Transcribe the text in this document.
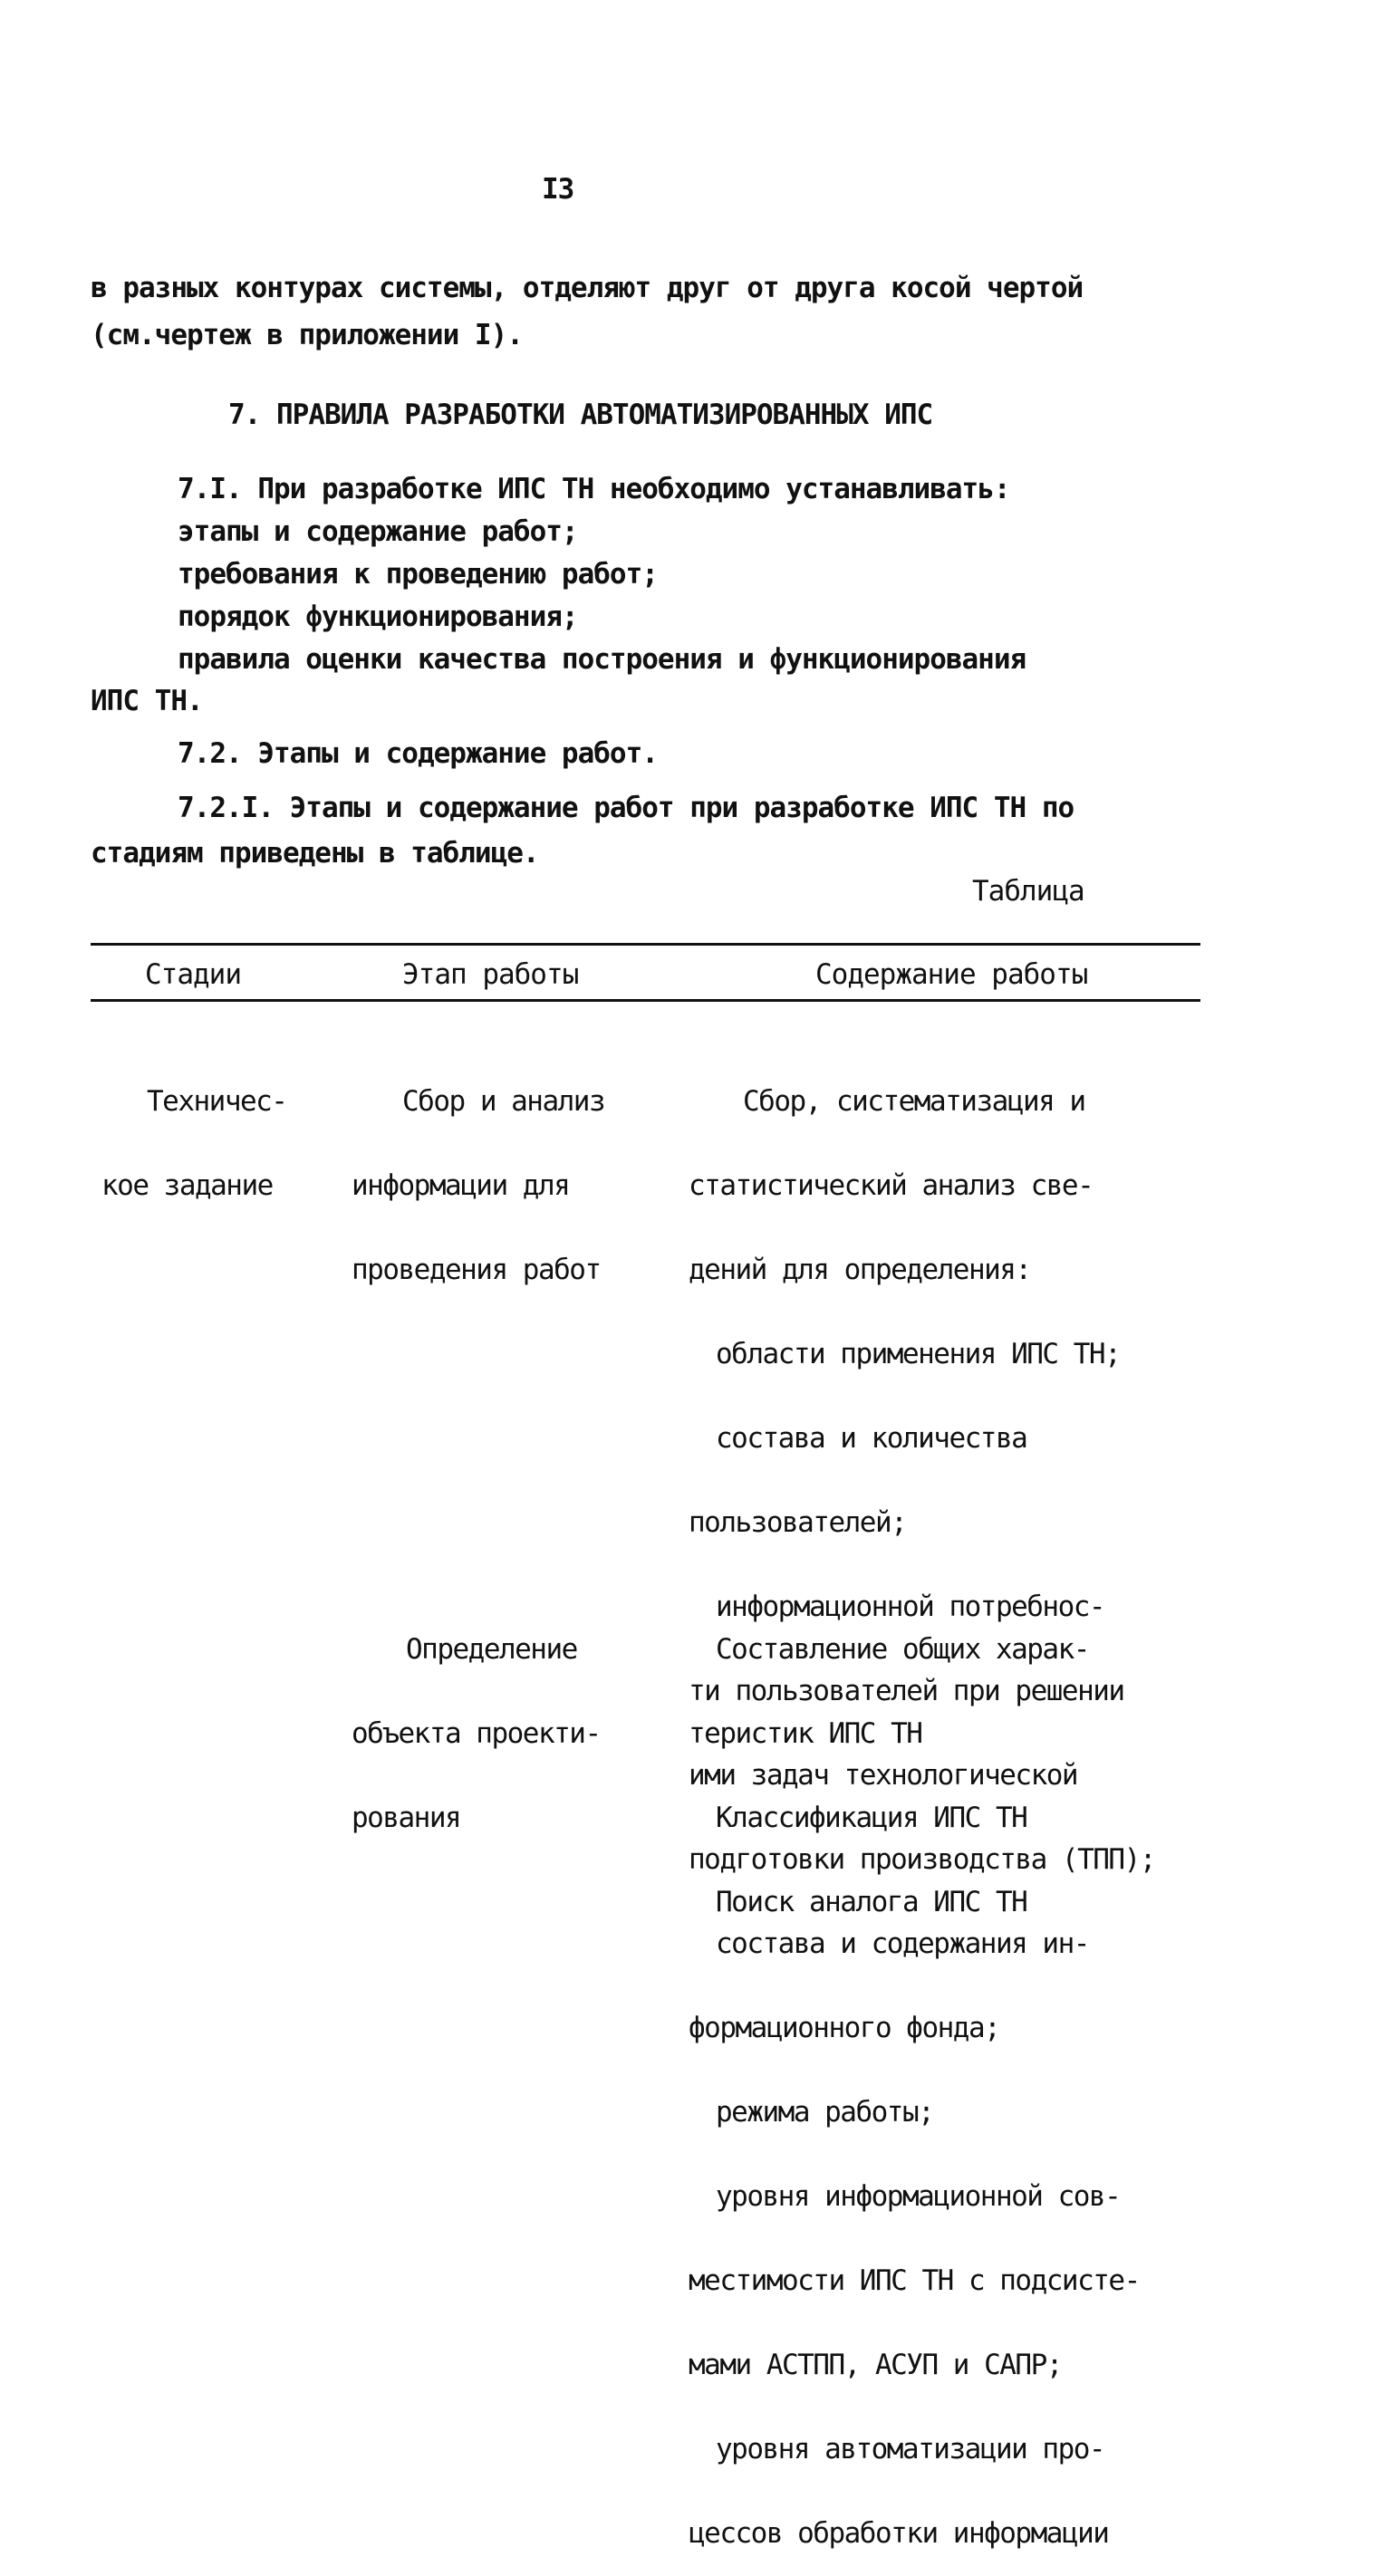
I3
в разных контурах системы, отделяют друг от друга косой чертой
(см.чертеж в приложении I).
7. ПРАВИЛА РАЗРАБОТКИ АВТОМАТИЗИРОВАННЫХ ИПС
7.I. При разработке ИПС ТН необходимо устанавливать:
этапы и содержание работ;
требования к проведению работ;
порядок функционирования;
правила оценки качества построения и функционирования
ИПС ТН.
7.2. Этапы и содержание работ.
7.2.I. Этапы и содержание работ при разработке ИПС ТН по
стадиям приведены в таблице.
Таблица
Стадии	Этап работы	Содержание работы

Техничес-

кое задание

Сбор и анализ

информации для

проведения работ

Сбор, систематизация и

статистический анализ све-

дений для определения:

области применения ИПС ТН;

состава и количества

пользователей;

информационной потребнос-

ти пользователей при решении

ими задач технологической

подготовки производства (ТПП);

состава и содержания ин-

формационного фонда;

режима работы;

уровня информационной сов-

местимости ИПС ТН с подсисте-

мами АСТПП, АСУП и САПР;

уровня автоматизации про-

цессов обработки информации

Определение

объекта проекти-

рования

Составление общих харак-

теристик ИПС ТН

Классификация ИПС ТН

Поиск аналога ИПС ТН
